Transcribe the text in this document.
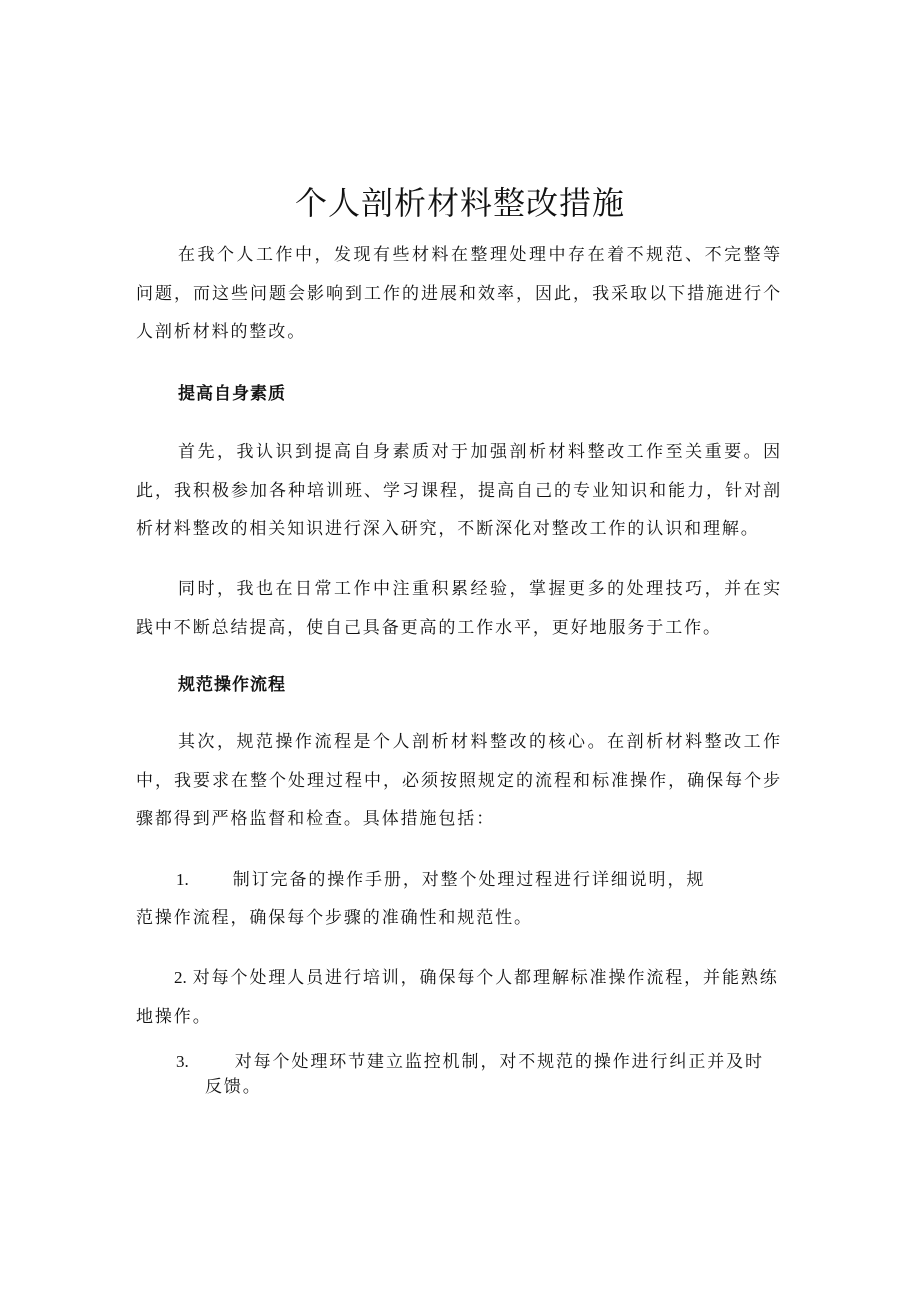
个人剖析材料整改措施

在我个人工作中，发现有些材料在整理处理中存在着不规范、不完整等问题，而这些问题会影响到工作的进展和效率，因此，我采取以下措施进行个人剖析材料的整改。

提高自身素质

首先，我认识到提高自身素质对于加强剖析材料整改工作至关重要。因此，我积极参加各种培训班、学习课程，提高自己的专业知识和能力，针对剖析材料整改的相关知识进行深入研究，不断深化对整改工作的认识和理解。

同时，我也在日常工作中注重积累经验，掌握更多的处理技巧，并在实践中不断总结提高，使自己具备更高的工作水平，更好地服务于工作。

规范操作流程

其次，规范操作流程是个人剖析材料整改的核心。在剖析材料整改工作中，我要求在整个处理过程中，必须按照规定的流程和标准操作，确保每个步骤都得到严格监督和检查。具体措施包括：

1.	制订完备的操作手册，对整个处理过程进行详细说明，规
范操作流程，确保每个步骤的准确性和规范性。
2. 对每个处理人员进行培训，确保每个人都理解标准操作流程，并能熟练
地操作。
3.	对每个处理环节建立监控机制，对不规范的操作进行纠正并及时
反馈。
